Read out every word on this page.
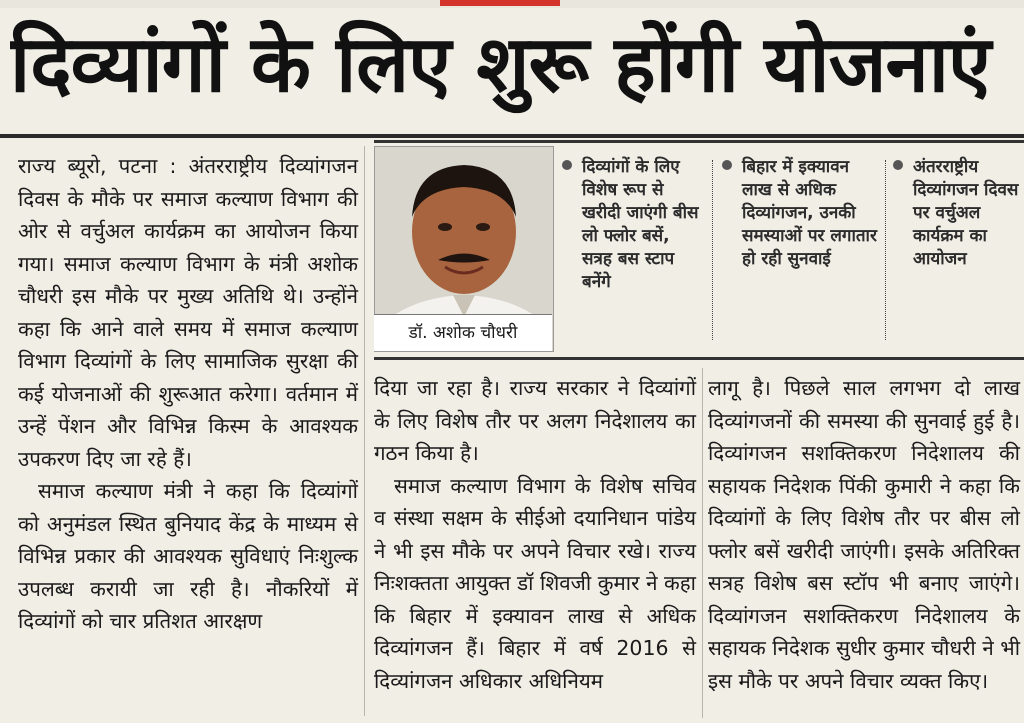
दिव्यांगों के लिए शुरू होंगी योजनाएं

राज्य ब्यूरो, पटना : अंतरराष्ट्रीय दिव्यांगजन दिवस के मौके पर समाज कल्याण विभाग की ओर से वर्चुअल कार्यक्रम का आयोजन किया गया। समाज कल्याण विभाग के मंत्री अशोक चौधरी इस मौके पर मुख्य अतिथि थे। उन्होंने कहा कि आने वाले समय में समाज कल्याण विभाग दिव्यांगों के लिए सामाजिक सुरक्षा की कई योजनाओं की शुरूआत करेगा। वर्तमान में उन्हें पेंशन और विभिन्न किस्म के आवश्यक उपकरण दिए जा रहे हैं।

समाज कल्याण मंत्री ने कहा कि दिव्यांगों को अनुमंडल स्थित बुनियाद केंद्र के माध्यम से विभिन्न प्रकार की आवश्यक सुविधाएं निःशुल्क उपलब्ध करायी जा रही है। नौकरियों में दिव्यांगों को चार प्रतिशत आरक्षण

डॉ. अशोक चौधरी
दिव्यांगों के लिए विशेष रूप से खरीदी जाएंगी बीस लो फ्लोर बसें, सत्रह बस स्टाप बनेंगे
बिहार में इक्यावन लाख से अधिक दिव्यांगजन, उनकी समस्याओं पर लगातार हो रही सुनवाई
अंतरराष्ट्रीय दिव्यांगजन दिवस पर वर्चुअल कार्यक्रम का आयोजन

दिया जा रहा है। राज्य सरकार ने दिव्यांगों के लिए विशेष तौर पर अलग निदेशालय का गठन किया है।

समाज कल्याण विभाग के विशेष सचिव व संस्था सक्षम के सीईओ दयानिधान पांडेय ने भी इस मौके पर अपने विचार रखे। राज्य निःशक्तता आयुक्त डॉ शिवजी कुमार ने कहा कि बिहार में इक्यावन लाख से अधिक दिव्यांगजन हैं। बिहार में वर्ष 2016 से दिव्यांगजन अधिकार अधिनियम

लागू है। पिछले साल लगभग दो लाख दिव्यांगजनों की समस्या की सुनवाई हुई है। दिव्यांगजन सशक्तिकरण निदेशालय की सहायक निदेशक पिंकी कुमारी ने कहा कि दिव्यांगों के लिए विशेष तौर पर बीस लो फ्लोर बसें खरीदी जाएंगी। इसके अतिरिक्त सत्रह विशेष बस स्टॉप भी बनाए जाएंगे। दिव्यांगजन सशक्तिकरण निदेशालय के सहायक निदेशक सुधीर कुमार चौधरी ने भी इस मौके पर अपने विचार व्यक्त किए।
